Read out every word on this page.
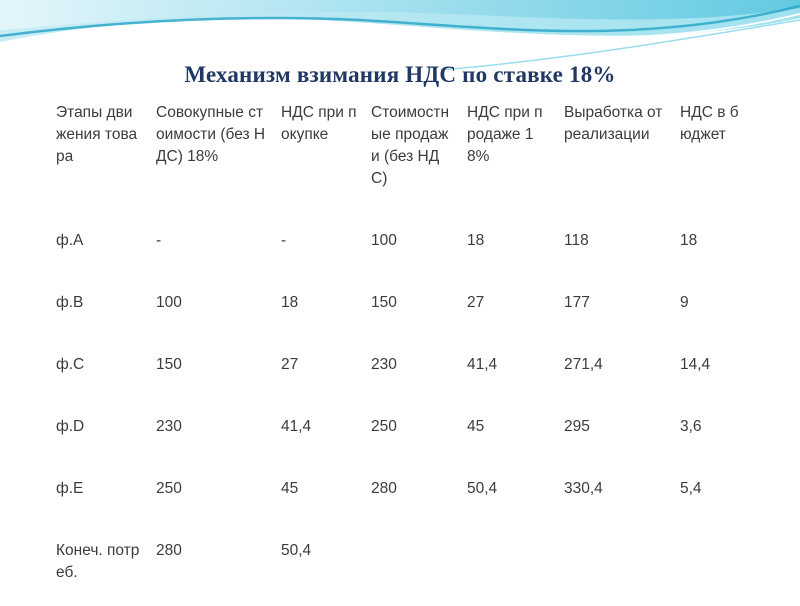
Механизм взимания НДС по ставке 18%
Этапы движения товара	Совокупные стоимости (без НДС) 18%	НДС при покупке	Стоимостные продажи (без НДС)	НДС при продаже 18%	Выработка от реализации	НДС в бюджет
ф.А	-	-	100	18	118	18
ф.В	100	18	150	27	177	9
ф.С	150	27	230	41,4	271,4	14,4
ф.D	230	41,4	250	45	295	3,6
ф.Е	250	45	280	50,4	330,4	5,4
Конеч. потреб.	280	50,4				
